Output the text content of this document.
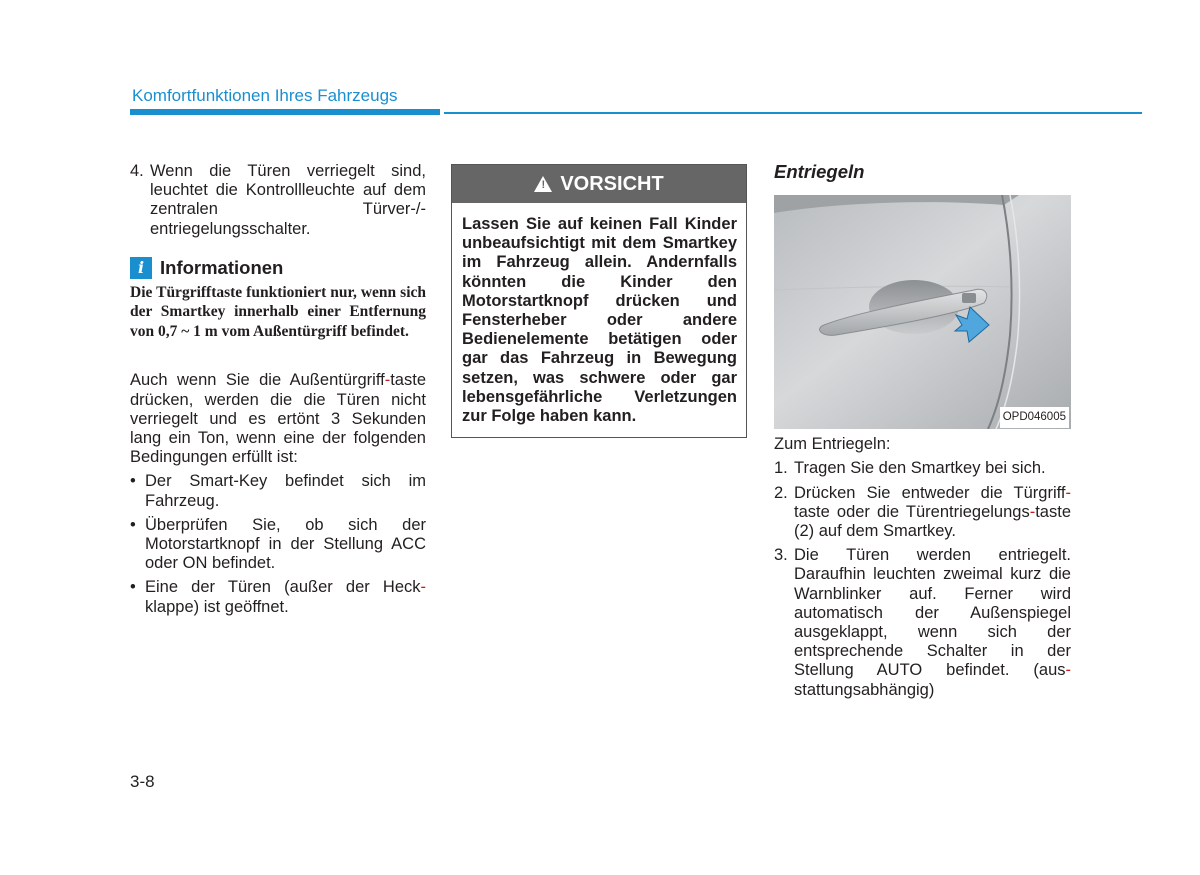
Komfortfunktionen Ihres Fahrzeugs
4. Wenn die Türen verriegelt sind, leuchtet die Kontrollleuchte auf dem zentralen Türver-/-entriegelungsschalter.
i Informationen
Die Türgrifftaste funktioniert nur, wenn sich der Smartkey innerhalb einer Entfernung von 0,7 ~ 1 m vom Außentürgriff befindet.
Auch wenn Sie die Außentürgriff-taste drücken, werden die die Türen nicht verriegelt und es ertönt 3 Sekunden lang ein Ton, wenn eine der folgenden Bedingungen erfüllt ist:
• Der Smart-Key befindet sich im Fahrzeug.
• Überprüfen Sie, ob sich der Motorstartknopf in der Stellung ACC oder ON befindet.
• Eine der Türen (außer der Heck-klappe) ist geöffnet.
! VORSICHT
Lassen Sie auf keinen Fall Kinder unbeaufsichtigt mit dem Smartkey im Fahrzeug allein. Andernfalls könnten die Kinder den Motorstartknopf drücken und Fensterheber oder andere Bedienelemente betätigen oder gar das Fahrzeug in Bewegung setzen, was schwere oder gar lebensgefährliche Verletzungen zur Folge haben kann.
Entriegeln
OPD046005
Zum Entriegeln:
1. Tragen Sie den Smartkey bei sich.
2. Drücken Sie entweder die Türgriff-taste oder die Türentriegelungs-taste (2) auf dem Smartkey.
3. Die Türen werden entriegelt. Daraufhin leuchten zweimal kurz die Warnblinker auf. Ferner wird automatisch der Außenspiegel ausgeklappt, wenn sich der entsprechende Schalter in der Stellung AUTO befindet. (aus-stattungsabhängig)
3-8
